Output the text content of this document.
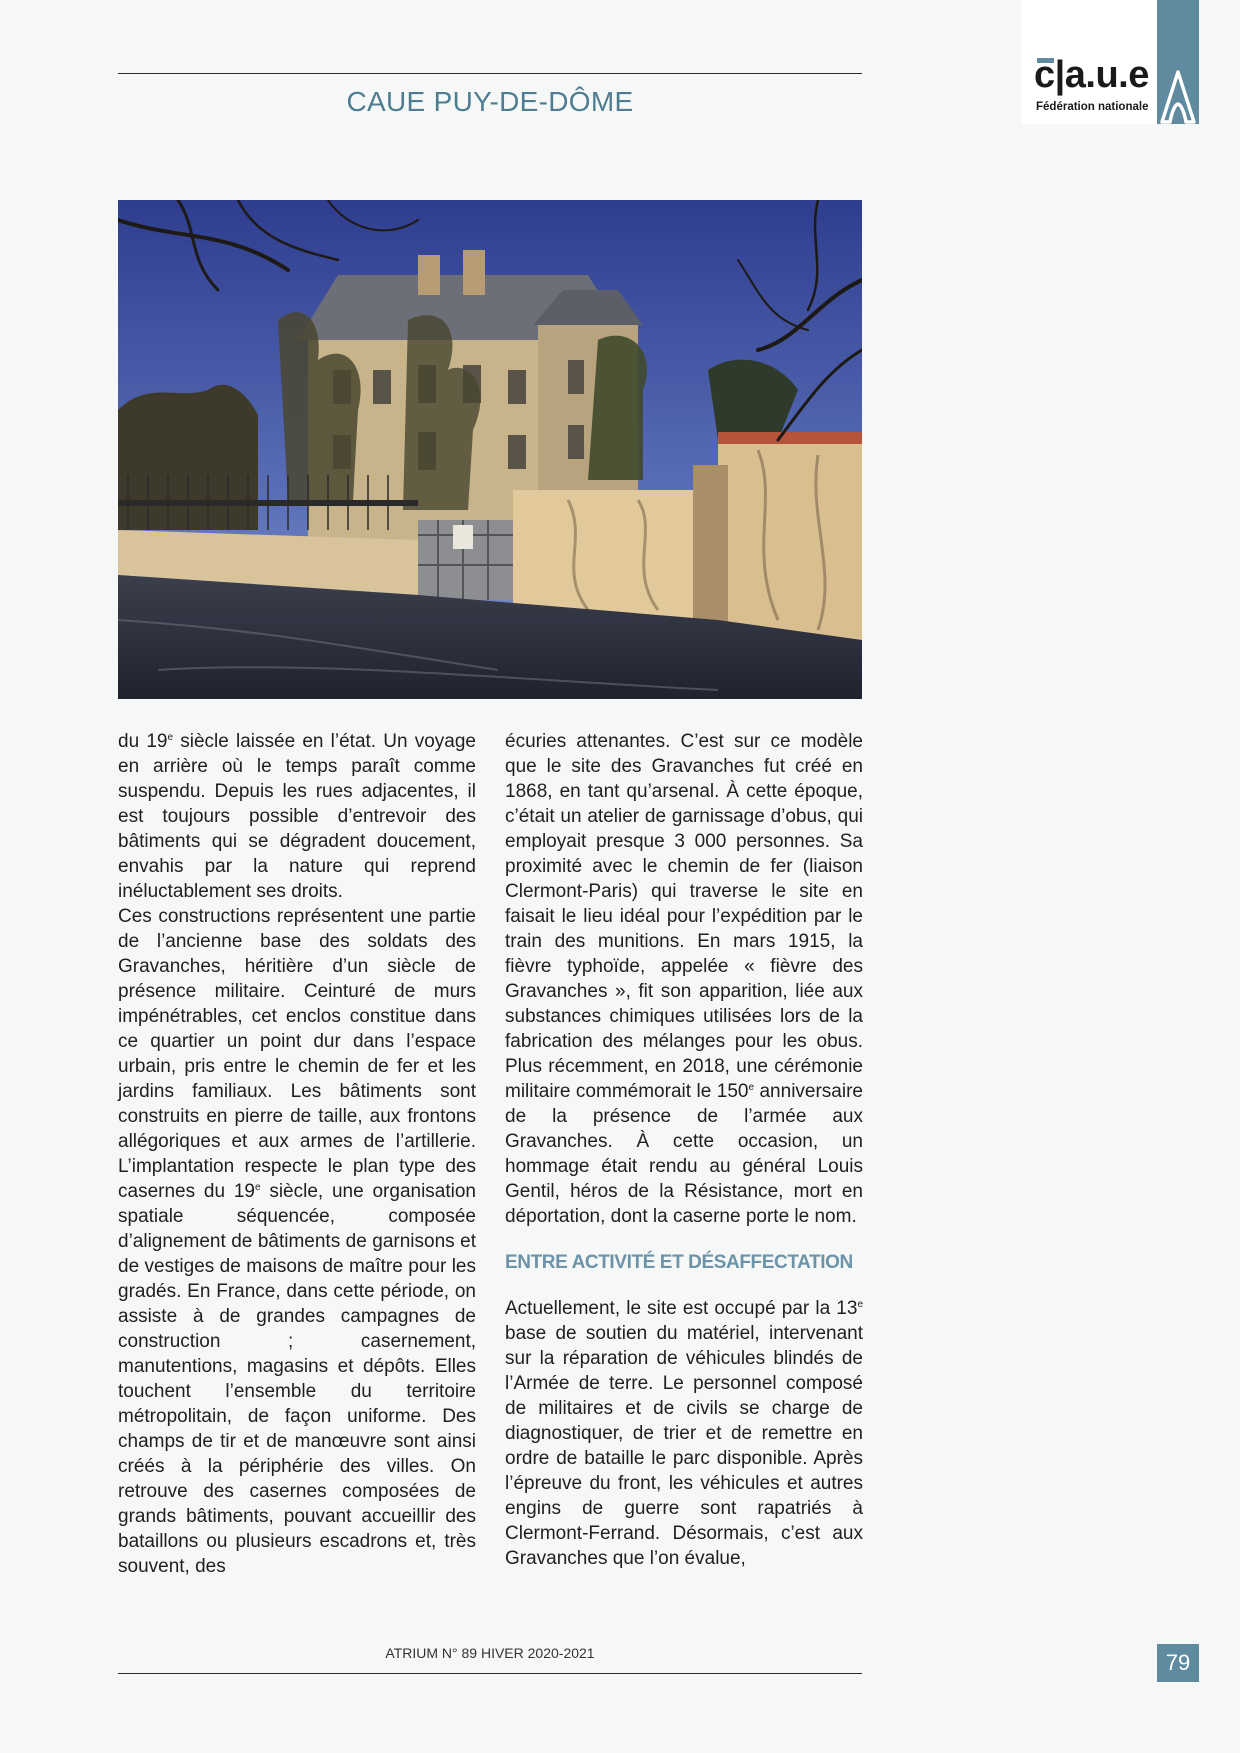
CAUE PUY-DE-DÔME
c|a.u.e
Fédération nationale

du 19e siècle laissée en l’état. Un voyage en arrière où le temps paraît comme suspendu. Depuis les rues adjacentes, il est toujours possible d’entrevoir des bâtiments qui se dégradent doucement, envahis par la nature qui reprend inéluctablement ses droits.

Ces constructions représentent une partie de l’ancienne base des soldats des Gravanches, héritière d’un siècle de présence militaire. Ceinturé de murs impénétrables, cet enclos constitue dans ce quartier un point dur dans l’espace urbain, pris entre le chemin de fer et les jardins familiaux. Les bâtiments sont construits en pierre de taille, aux frontons allégoriques et aux armes de l’artillerie. L’implantation respecte le plan type des casernes du 19e siècle, une organisation spatiale séquencée, composée d’alignement de bâtiments de garnisons et de vestiges de maisons de maître pour les gradés. En France, dans cette période, on assiste à de grandes campagnes de construction ; casernement, manutentions, magasins et dépôts. Elles touchent l’ensemble du territoire métropolitain, de façon uniforme. Des champs de tir et de manœuvre sont ainsi créés à la périphérie des villes. On retrouve des casernes composées de grands bâtiments, pouvant accueillir des bataillons ou plusieurs escadrons et, très souvent, des

écuries attenantes. C’est sur ce modèle que le site des Gravanches fut créé en 1868, en tant qu’arsenal. À cette époque, c’était un atelier de garnissage d’obus, qui employait presque 3 000 personnes. Sa proximité avec le chemin de fer (liaison Clermont-Paris) qui traverse le site en faisait le lieu idéal pour l’expédition par le train des munitions. En mars 1915, la fièvre typhoïde, appelée « fièvre des Gravanches », fit son apparition, liée aux substances chimiques utilisées lors de la fabrication des mélanges pour les obus. Plus récemment, en 2018, une cérémonie militaire commémorait le 150e anniversaire de la présence de l’armée aux Gravanches. À cette occasion, un hommage était rendu au général Louis Gentil, héros de la Résistance, mort en déportation, dont la caserne porte le nom.

ENTRE ACTIVITÉ ET DÉSAFFECTATION

Actuellement, le site est occupé par la 13e base de soutien du matériel, intervenant sur la réparation de véhicules blindés de l’Armée de terre. Le personnel composé de militaires et de civils se charge de diagnostiquer, de trier et de remettre en ordre de bataille le parc disponible. Après l’épreuve du front, les véhicules et autres engins de guerre sont rapatriés à Clermont-Ferrand. Désormais, c’est aux Gravanches que l’on évalue,

ATRIUM N° 89 HIVER 2020-2021	79
